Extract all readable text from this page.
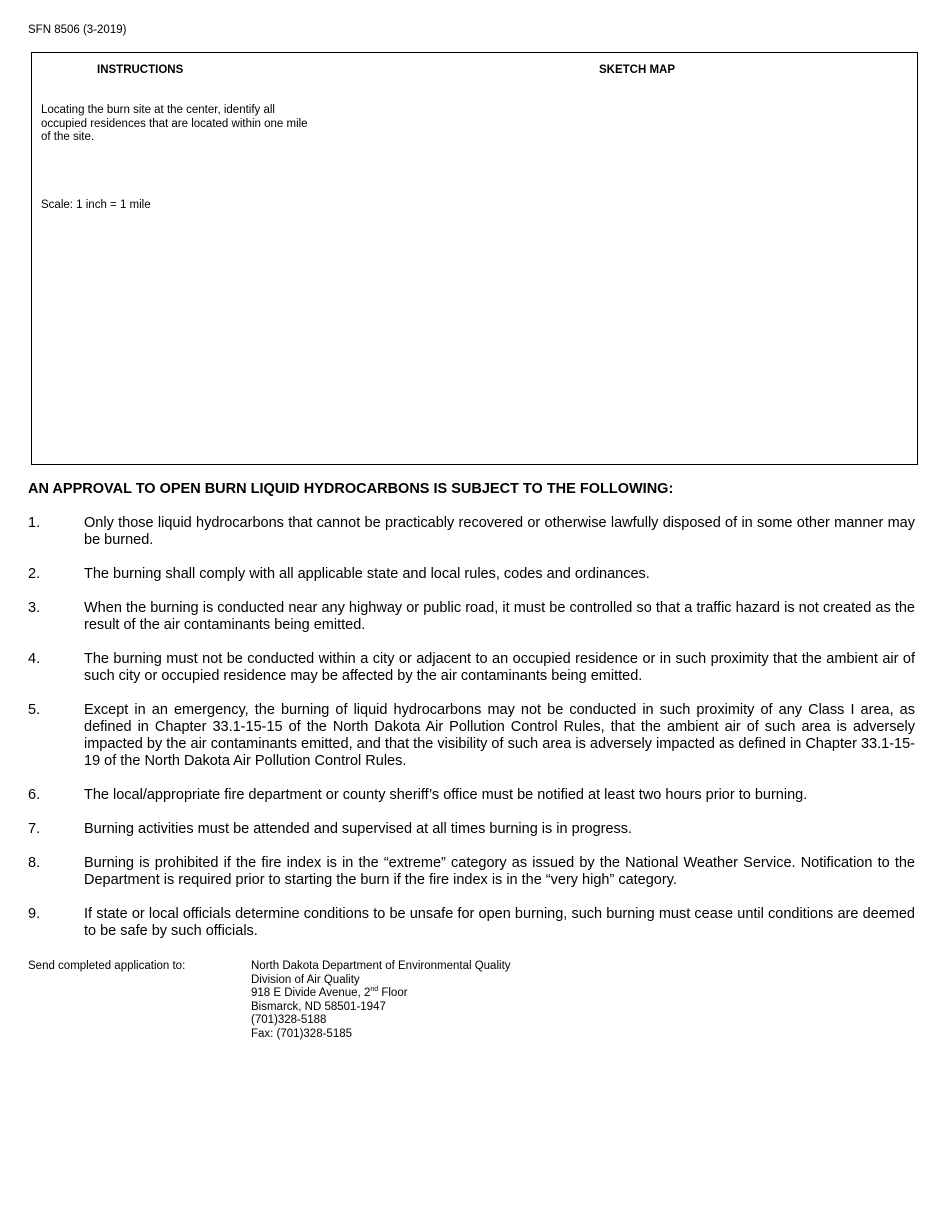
SFN 8506 (3-2019)
INSTRUCTIONS	SKETCH MAP
Locating the burn site at the center, identify all occupied residences that are located within one mile of the site.
Scale: 1 inch = 1 mile
AN APPROVAL TO OPEN BURN LIQUID HYDROCARBONS IS SUBJECT TO THE FOLLOWING:
1.	Only those liquid hydrocarbons that cannot be practicably recovered or otherwise lawfully disposed of in some other manner may be burned.
2.	The burning shall comply with all applicable state and local rules, codes and ordinances.
3.	When the burning is conducted near any highway or public road, it must be controlled so that a traffic hazard is not created as the result of the air contaminants being emitted.
4.	The burning must not be conducted within a city or adjacent to an occupied residence or in such proximity that the ambient air of such city or occupied residence may be affected by the air contaminants being emitted.
5.	Except in an emergency, the burning of liquid hydrocarbons may not be conducted in such proximity of any Class I area, as defined in Chapter 33.1-15-15 of the North Dakota Air Pollution Control Rules, that the ambient air of such area is adversely impacted by the air contaminants emitted, and that the visibility of such area is adversely impacted as defined in Chapter 33.1-15-19 of the North Dakota Air Pollution Control Rules.
6.	The local/appropriate fire department or county sheriff’s office must be notified at least two hours prior to burning.
7.	Burning activities must be attended and supervised at all times burning is in progress.
8.	Burning is prohibited if the fire index is in the “extreme” category as issued by the National Weather Service. Notification to the Department is required prior to starting the burn if the fire index is in the “very high” category.
9.	If state or local officials determine conditions to be unsafe for open burning, such burning must cease until conditions are deemed to be safe by such officials.
Send completed application to:	North Dakota Department of Environmental Quality
Division of Air Quality
918 E Divide Avenue, 2nd Floor
Bismarck, ND 58501-1947
(701)328-5188
Fax: (701)328-5185
